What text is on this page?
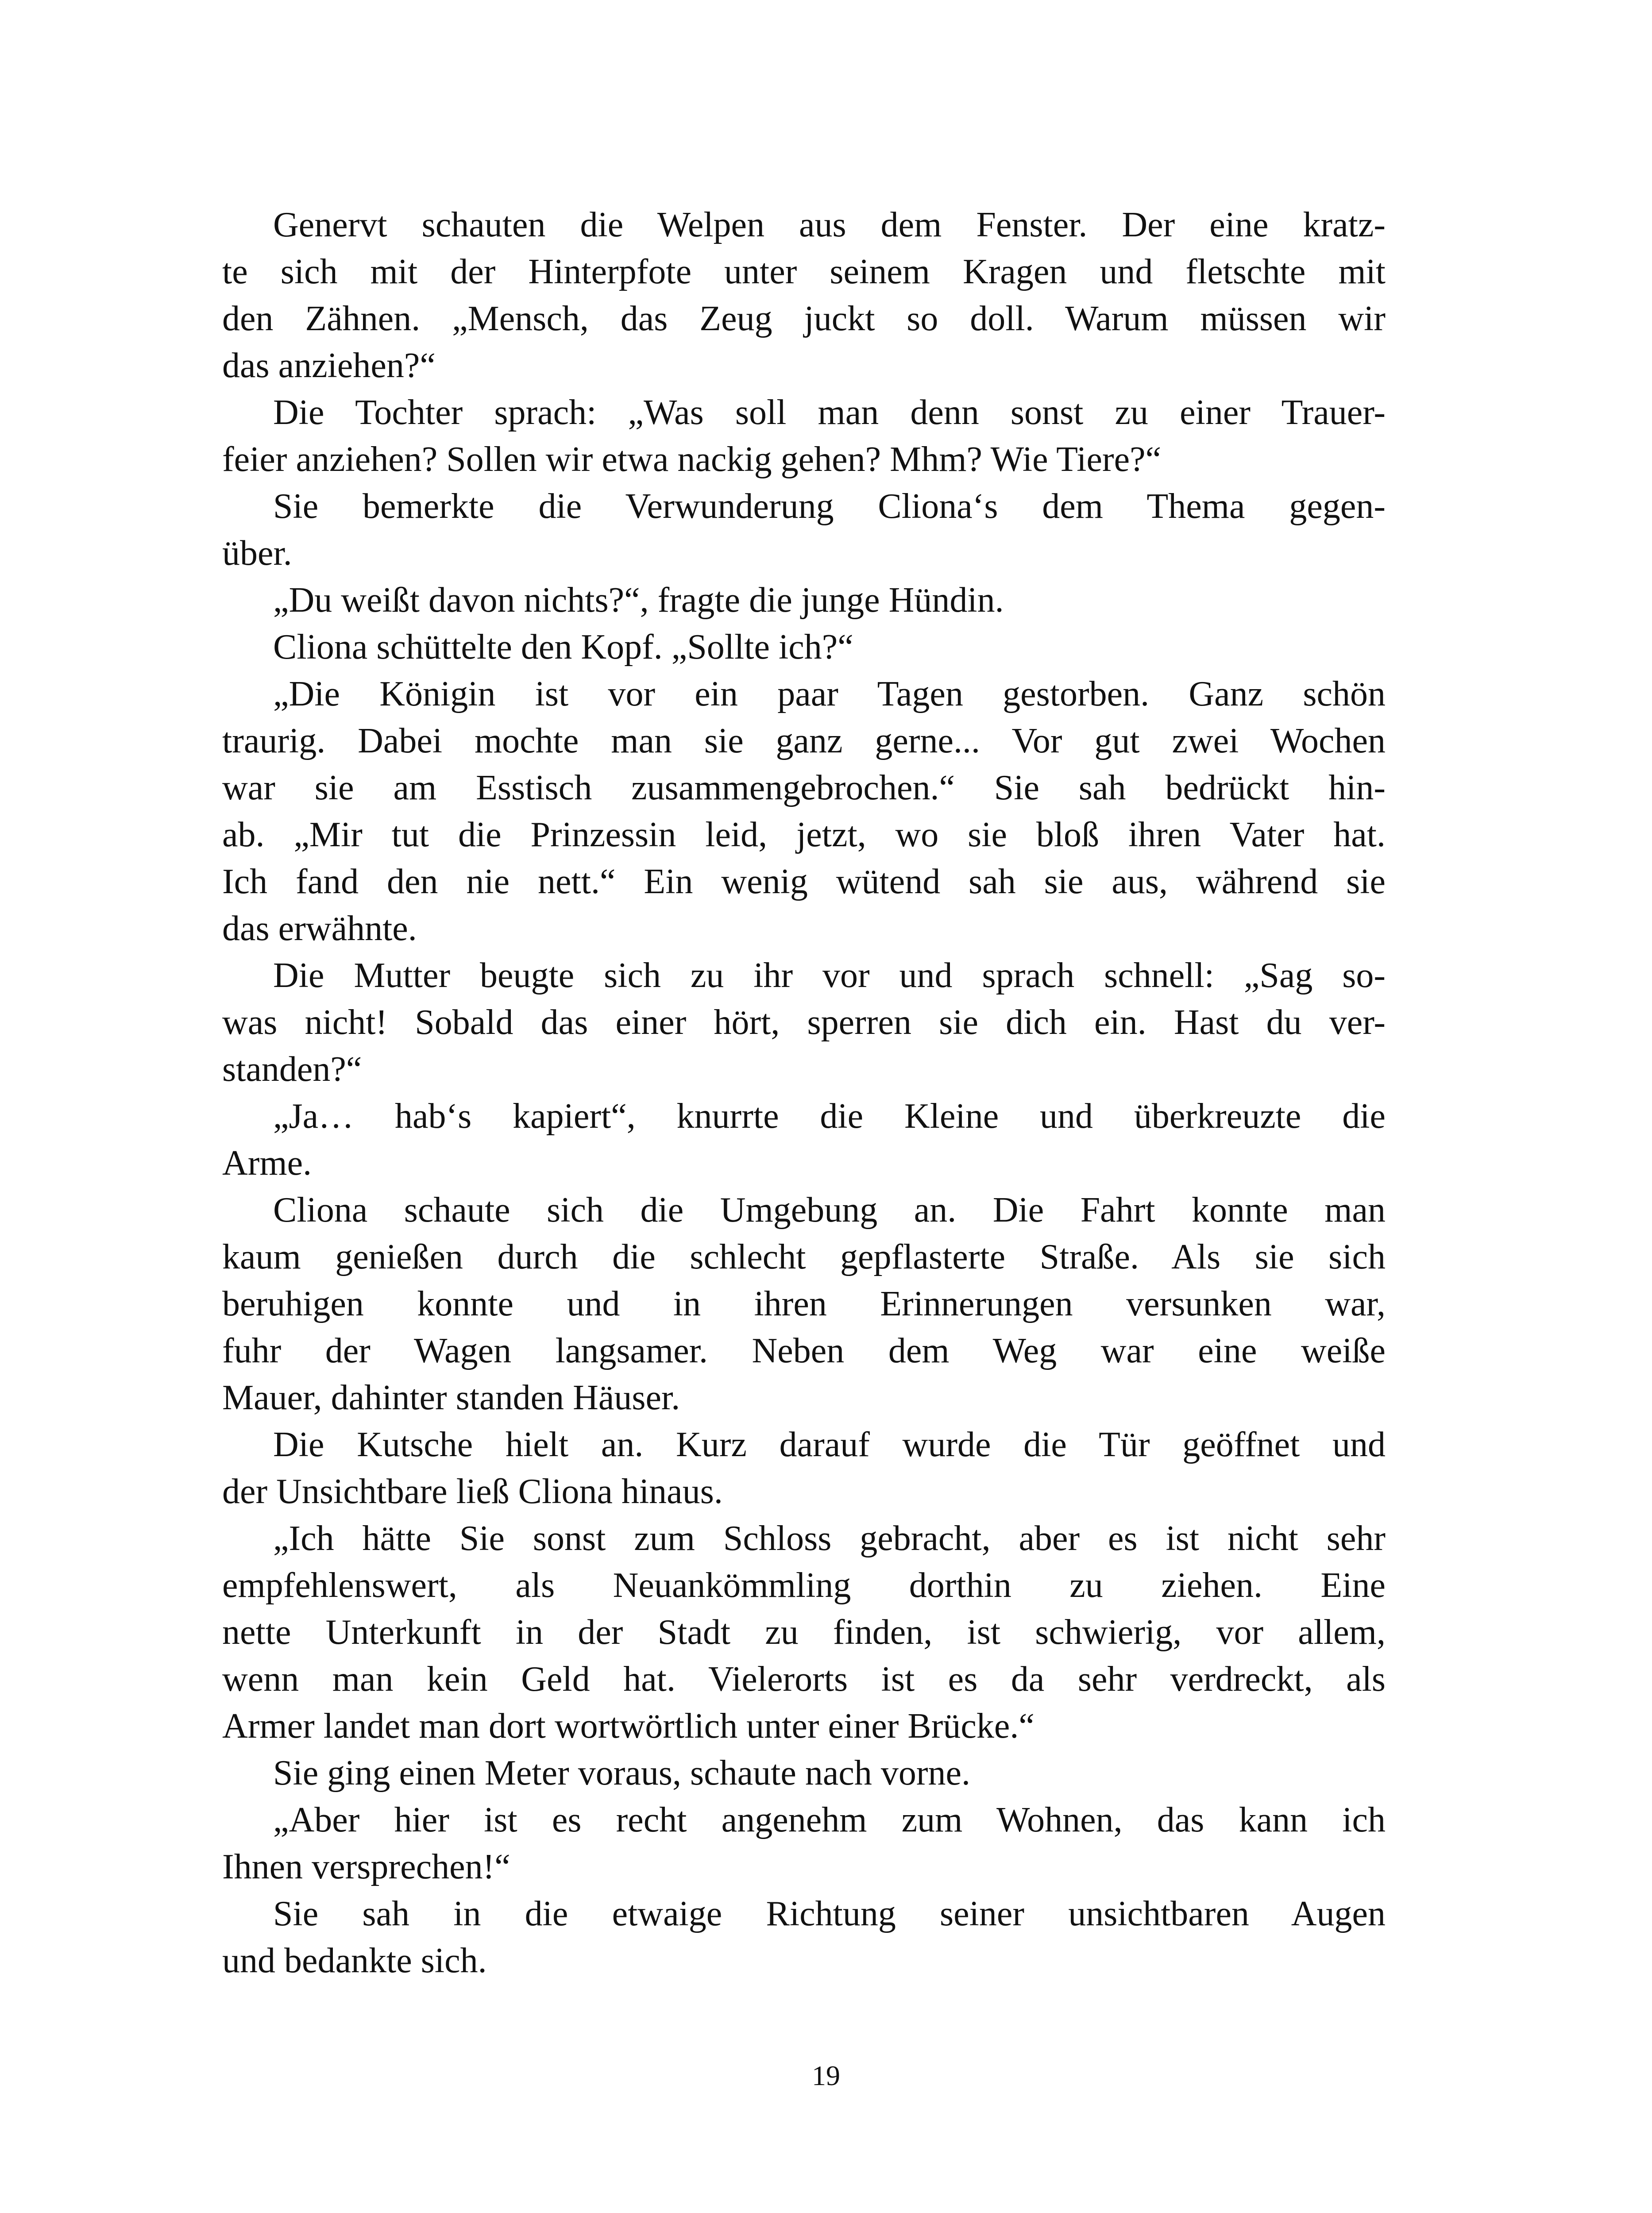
Genervt schauten die Welpen aus dem Fenster. Der eine kratz-
te sich mit der Hinterpfote unter seinem Kragen und fletschte mit
den Zähnen. „Mensch, das Zeug juckt so doll. Warum müssen wir
das anziehen?“
Die Tochter sprach: „Was soll man denn sonst zu einer Trauer-
feier anziehen? Sollen wir etwa nackig gehen? Mhm? Wie Tiere?“
Sie bemerkte die Verwunderung Cliona‘s dem Thema gegen-
über.
„Du weißt davon nichts?“, fragte die junge Hündin.
Cliona schüttelte den Kopf. „Sollte ich?“
„Die Königin ist vor ein paar Tagen gestorben. Ganz schön
traurig. Dabei mochte man sie ganz gerne... Vor gut zwei Wochen
war sie am Esstisch zusammengebrochen.“ Sie sah bedrückt hin-
ab. „Mir tut die Prinzessin leid, jetzt, wo sie bloß ihren Vater hat.
Ich fand den nie nett.“ Ein wenig wütend sah sie aus, während sie
das erwähnte.
Die Mutter beugte sich zu ihr vor und sprach schnell: „Sag so-
was nicht! Sobald das einer hört, sperren sie dich ein. Hast du ver-
standen?“
„Ja… hab‘s kapiert“, knurrte die Kleine und überkreuzte die
Arme.
Cliona schaute sich die Umgebung an. Die Fahrt konnte man
kaum genießen durch die schlecht gepflasterte Straße. Als sie sich
beruhigen konnte und in ihren Erinnerungen versunken war,
fuhr der Wagen langsamer. Neben dem Weg war eine weiße
Mauer, dahinter standen Häuser.
Die Kutsche hielt an. Kurz darauf wurde die Tür geöffnet und
der Unsichtbare ließ Cliona hinaus.
„Ich hätte Sie sonst zum Schloss gebracht, aber es ist nicht sehr
empfehlenswert, als Neuankömmling dorthin zu ziehen. Eine
nette Unterkunft in der Stadt zu finden, ist schwierig, vor allem,
wenn man kein Geld hat. Vielerorts ist es da sehr verdreckt, als
Armer landet man dort wortwörtlich unter einer Brücke.“
Sie ging einen Meter voraus, schaute nach vorne.
„Aber hier ist es recht angenehm zum Wohnen, das kann ich
Ihnen versprechen!“
Sie sah in die etwaige Richtung seiner unsichtbaren Augen
und bedankte sich.
19
